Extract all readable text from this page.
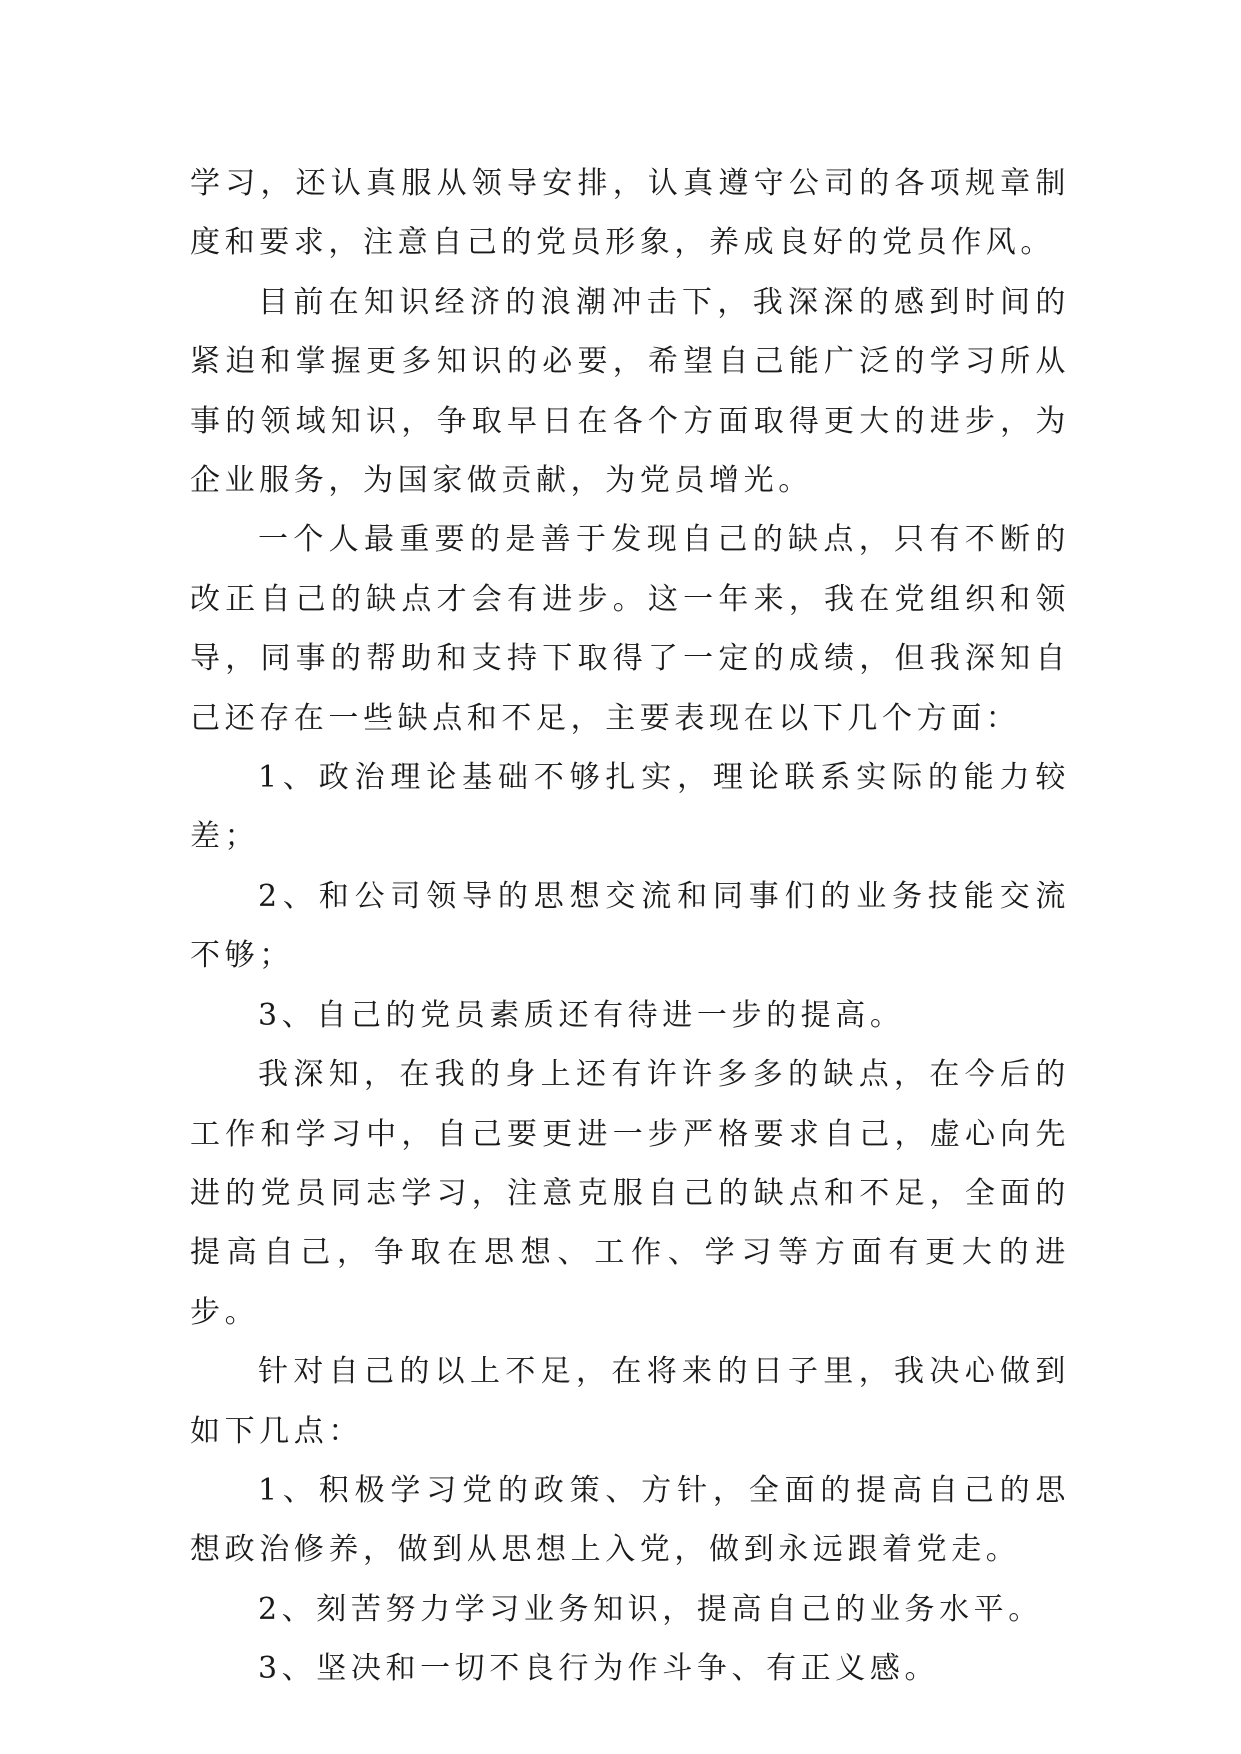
学习，还认真服从领导安排，认真遵守公司的各项规章制度和要求，注意自己的党员形象，养成良好的党员作风。

目前在知识经济的浪潮冲击下，我深深的感到时间的紧迫和掌握更多知识的必要，希望自己能广泛的学习所从事的领域知识，争取早日在各个方面取得更大的进步，为企业服务，为国家做贡献，为党员增光。

一个人最重要的是善于发现自己的缺点，只有不断的改正自己的缺点才会有进步。这一年来，我在党组织和领导，同事的帮助和支持下取得了一定的成绩，但我深知自己还存在一些缺点和不足，主要表现在以下几个方面：

1、政治理论基础不够扎实，理论联系实际的能力较差；

2、和公司领导的思想交流和同事们的业务技能交流不够；

3、自己的党员素质还有待进一步的提高。

我深知，在我的身上还有许许多多的缺点，在今后的工作和学习中，自己要更进一步严格要求自己，虚心向先进的党员同志学习，注意克服自己的缺点和不足，全面的提高自己，争取在思想、工作、学习等方面有更大的进步。

针对自己的以上不足，在将来的日子里，我决心做到如下几点：

1、积极学习党的政策、方针，全面的提高自己的思想政治修养，做到从思想上入党，做到永远跟着党走。

2、刻苦努力学习业务知识，提高自己的业务水平。

3、坚决和一切不良行为作斗争、有正义感。
